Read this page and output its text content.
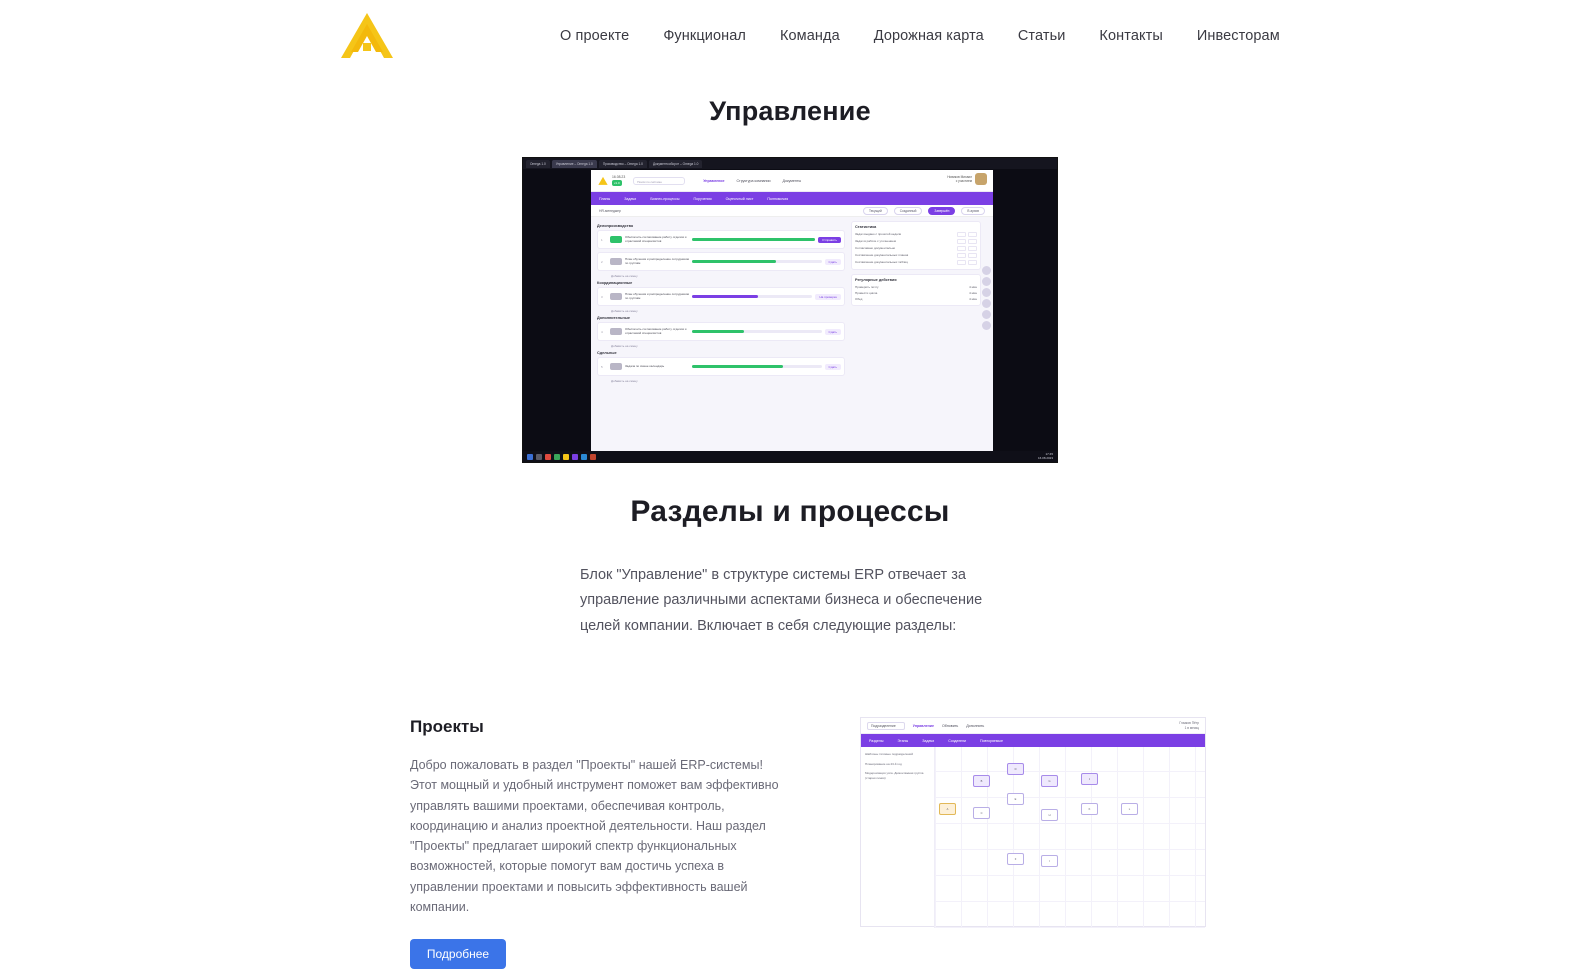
О проекте Функционал Команда Дорожная карта Статьи Контакты Инвесторам
Управление
Omega 1.0	Управление – Omega 1.0	Производство – Omega 1.0	Документооборот – Omega 1.0
16.08.23
v1.0	Поиск по системе	Управление	Структура компании	Документы
Новиков Михаил
с участием
Планы	Задачи	Бизнес-процессы	Поручения	Оценочный лист	Полномочия
HR-менеджер	Текущий	Созданный	Завершён	В архив
Делопроизводство
1
Обеспечить согласование работу отделов и отраслевой специалистов	Отправить
2
План обучения и распределение сотрудников по группам	Сдать
Добавить на смену
Координационные
3
План обучения и распределение сотрудников по группам	На проверке
Добавить на смену
Дополнительные
4
Обеспечить согласование работу отделов и отраслевой специалистов	Сдать
Добавить на смену
Сдельные
5	Задача по смене календарь	Сдать
Добавить на смену
Статистика
Задач выдано с прошлой недели
Задач в работе с уточнением
Согласовано документально
Составление документальных планов
Составление документальных таблиц
Регулярные действия
Проверить почту	4 мин
Провести цикла	4 мин
Обед	4 мин
17:45
16.08.2023
Разделы и процессы

Блок "Управление" в структуре системы ERP отвечает за управление различными аспектами бизнеса и обеспечение целей компании. Включает в себя следующие разделы:

Проекты
Добро пожаловать в раздел "Проекты" нашей ERP-системы! Этот мощный и удобный инструмент поможет вам эффективно управлять вашими проектами, обеспечивая контроль, координацию и анализ проектной деятельности. Наш раздел "Проекты" предлагает широкий спектр функциональных возможностей, которые помогут вам достичь успеха в управлении проектами и повысить эффективность вашей компании.
Подробнее
Подразделение	Управление Обновить Дополнить
Глазков Пётр
1 в месяц
Разделы	Этапы	Задачи	Создатели	Повторяемые
Шаблоны типовые подразделений
Планирование на 23-й год
Модернизация узла. Демонтажная группа (старая линия)
A
B
C
D
E
F
G
H
I
J
K	L
